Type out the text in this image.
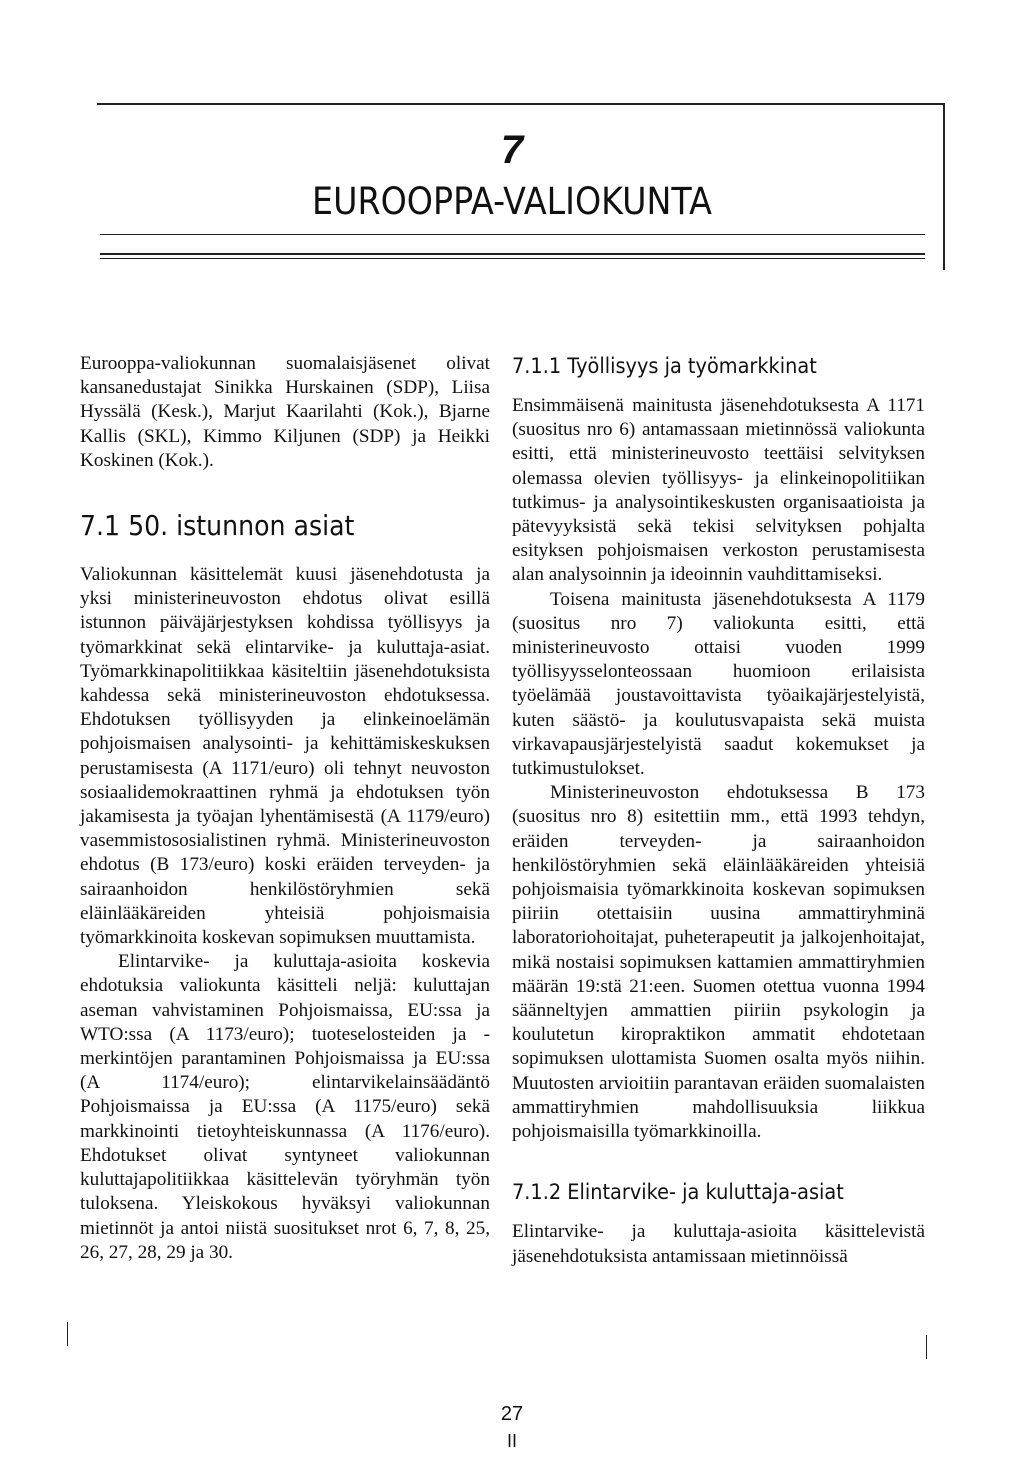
7
EUROOPPA-VALIOKUNTA

Eurooppa-valiokunnan suomalaisjäsenet olivat kansanedustajat Sinikka Hurskainen (SDP), Liisa Hyssälä (Kesk.), Marjut Kaarilahti (Kok.), Bjarne Kallis (SKL), Kimmo Kiljunen (SDP) ja Heikki Koskinen (Kok.).

7.1 50. istunnon asiat

Valiokunnan käsittelemät kuusi jäsenehdotusta ja yksi ministerineuvoston ehdotus olivat esillä istunnon päiväjärjestyksen kohdissa työllisyys ja työmarkkinat sekä elintarvike- ja kuluttaja-asiat. Työmarkkinapolitiikkaa käsiteltiin jäsenehdotuksista kahdessa sekä ministerineuvoston ehdotuksessa. Ehdotuksen työllisyyden ja elinkeinoelämän pohjoismaisen analysointi- ja kehittämiskeskuksen perustamisesta (A 1171/euro) oli tehnyt neuvoston sosiaalidemokraattinen ryhmä ja ehdotuksen työn jakamisesta ja työajan lyhentämisestä (A 1179/euro) vasemmistososialistinen ryhmä. Ministerineuvoston ehdotus (B 173/euro) koski eräiden terveyden- ja sairaanhoidon henkilöstöryhmien sekä eläinlääkäreiden yhteisiä pohjoismaisia työmarkkinoita koskevan sopimuksen muuttamista.

Elintarvike- ja kuluttaja-asioita koskevia ehdotuksia valiokunta käsitteli neljä: kuluttajan aseman vahvistaminen Pohjoismaissa, EU:ssa ja WTO:ssa (A 1173/euro); tuoteselosteiden ja -merkintöjen parantaminen Pohjoismaissa ja EU:ssa (A 1174/euro); elintarvikelainsäädäntö Pohjoismaissa ja EU:ssa (A 1175/euro) sekä markkinointi tietoyhteiskunnassa (A 1176/euro). Ehdotukset olivat syntyneet valiokunnan kuluttajapolitiikkaa käsittelevän työryhmän työn tuloksena. Yleiskokous hyväksyi valiokunnan mietinnöt ja antoi niistä suositukset nrot 6, 7, 8, 25, 26, 27, 28, 29 ja 30.

7.1.1 Työllisyys ja työmarkkinat

Ensimmäisenä mainitusta jäsenehdotuksesta A 1171 (suositus nro 6) antamassaan mietinnössä valiokunta esitti, että ministerineuvosto teettäisi selvityksen olemassa olevien työllisyys- ja elinkeinopolitiikan tutkimus- ja analysointikeskusten organisaatioista ja pätevyyksistä sekä tekisi selvityksen pohjalta esityksen pohjoismaisen verkoston perustamisesta alan analysoinnin ja ideoinnin vauhdittamiseksi.

Toisena mainitusta jäsenehdotuksesta A 1179 (suositus nro 7) valiokunta esitti, että ministerineuvosto ottaisi vuoden 1999 työllisyysselonteossaan huomioon erilaisista työelämää joustavoittavista työaikajärjestelyistä, kuten säästö- ja koulutusvapaista sekä muista virkavapausjärjestelyistä saadut kokemukset ja tutkimustulokset.

Ministerineuvoston ehdotuksessa B 173 (suositus nro 8) esitettiin mm., että 1993 tehdyn, eräiden terveyden- ja sairaanhoidon henkilöstöryhmien sekä eläinlääkäreiden yhteisiä pohjoismaisia työmarkkinoita koskevan sopimuksen piiriin otettaisiin uusina ammattiryhminä laboratoriohoitajat, puheterapeutit ja jalkojenhoitajat, mikä nostaisi sopimuksen kattamien ammattiryhmien määrän 19:stä 21:een. Suomen otettua vuonna 1994 säänneltyjen ammattien piiriin psykologin ja koulutetun kiropraktikon ammatit ehdotetaan sopimuksen ulottamista Suomen osalta myös niihin. Muutosten arvioitiin parantavan eräiden suomalaisten ammattiryhmien mahdollisuuksia liikkua pohjoismaisilla työmarkkinoilla.

7.1.2 Elintarvike- ja kuluttaja-asiat

Elintarvike- ja kuluttaja-asioita käsittelevistä jäsenehdotuksista antamissaan mietinnöissä

27
II
